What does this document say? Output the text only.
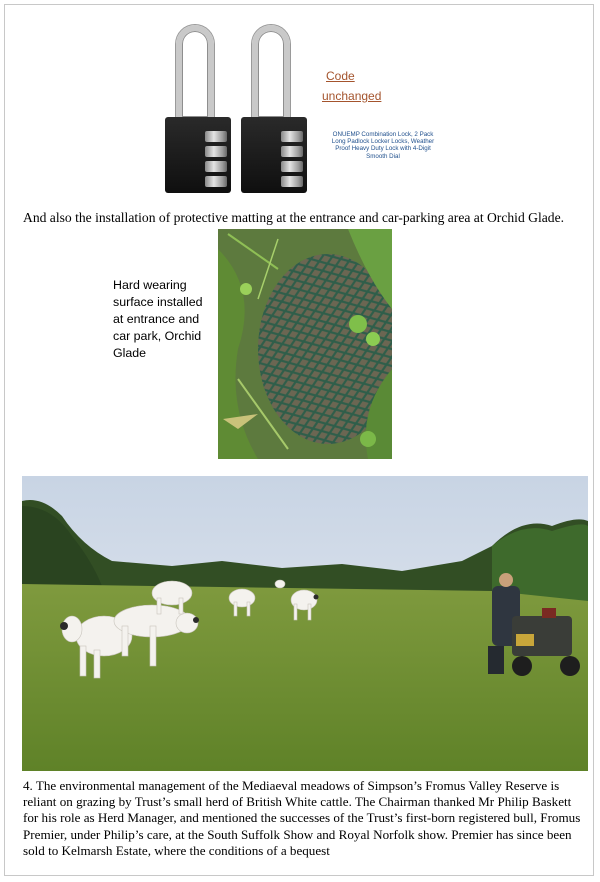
Code
unchanged
ONUEMP Combination Lock, 2 Pack Long Padlock Locker Locks, Weather Proof Heavy Duty Lock with 4-Digit Smooth Dial
And also the installation of protective matting at the entrance and car-parking area at Orchid Glade.
Hard wearing surface installed at entrance and car park, Orchid Glade
4. The environmental management of the Mediaeval meadows of Simpson’s Fromus Valley Reserve is reliant on grazing by Trust’s small herd of British White cattle. The Chairman thanked Mr Philip Baskett for his role as Herd Manager, and mentioned the successes of the Trust’s first-born registered bull, Fromus Premier, under Philip’s care, at the South Suffolk Show and Royal Norfolk show. Premier has since been sold to Kelmarsh Estate, where the conditions of a bequest
